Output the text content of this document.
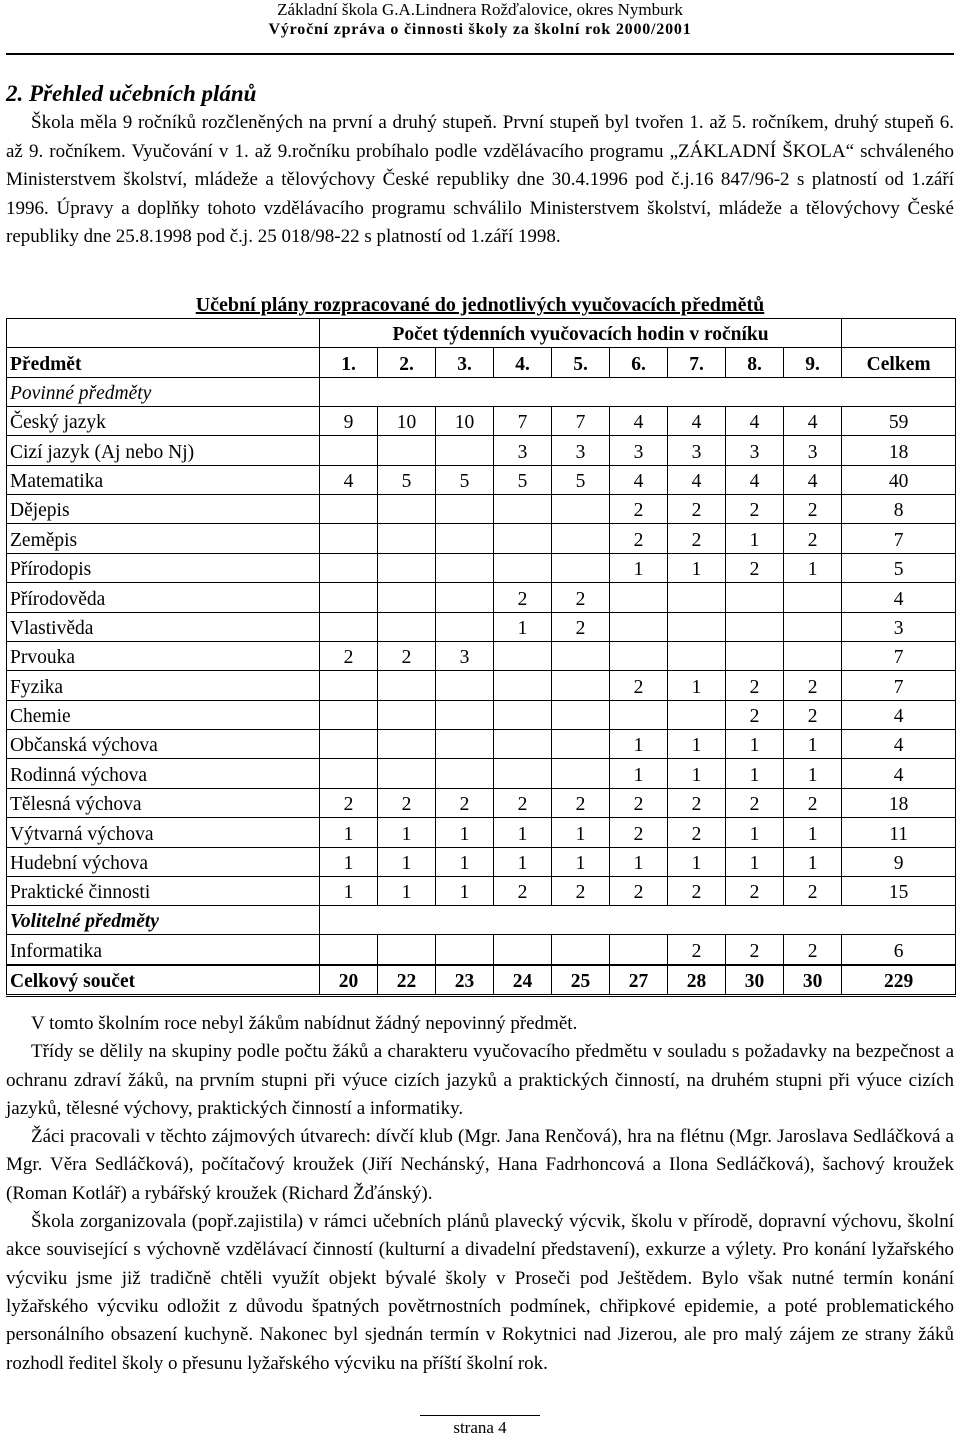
Základní škola G.A.Lindnera Rožďalovice, okres Nymburk
Výroční zpráva o činnosti školy za školní rok 2000/2001
2. Přehled učebních plánů

Škola měla 9 ročníků rozčleněných na první a druhý stupeň. První stupeň byl tvořen 1. až 5. ročníkem, druhý stupeň 6. až 9. ročníkem. Vyučování v 1. až 9.ročníku probíhalo podle vzdělávacího programu „ZÁKLADNÍ ŠKOLA“ schváleného Ministerstvem školství, mládeže a tělovýchovy České republiky dne 30.4.1996 pod č.j.16 847/96-2 s platností od 1.září 1996. Úpravy a doplňky tohoto vzdělávacího programu schválilo Ministerstvem školství, mládeže a tělovýchovy České republiky dne 25.8.1998 pod č.j. 25 018/98-22 s platností od 1.září 1998.

Učební plány rozpracované do jednotlivých vyučovacích předmětů
	Počet týdenních vyučovacích hodin v ročníku									
Předmět	1.	2.	3.	4.	5.	6.	7.	8.	9.	Celkem
Povinné předměty										
Český jazyk	9	10	10	7	7	4	4	4	4	59
Cizí jazyk (Aj nebo Nj)				3	3	3	3	3	3	18
Matematika	4	5	5	5	5	4	4	4	4	40
Dějepis						2	2	2	2	8
Zeměpis						2	2	1	2	7
Přírodopis						1	1	2	1	5
Přírodověda				2	2					4
Vlastivěda				1	2					3
Prvouka	2	2	3							7
Fyzika						2	1	2	2	7
Chemie								2	2	4
Občanská výchova						1	1	1	1	4
Rodinná výchova						1	1	1	1	4
Tělesná výchova	2	2	2	2	2	2	2	2	2	18
Výtvarná výchova	1	1	1	1	1	2	2	1	1	11
Hudební výchova	1	1	1	1	1	1	1	1	1	9
Praktické činnosti	1	1	1	2	2	2	2	2	2	15
Volitelné předměty										
Informatika							2	2	2	6
Celkový součet	20	22	23	24	25	27	28	30	30	229

V tomto školním roce nebyl žákům nabídnut žádný nepovinný předmět.

Třídy se dělily na skupiny podle počtu žáků a charakteru vyučovacího předmětu v souladu s požadavky na bezpečnost a ochranu zdraví žáků, na prvním stupni při výuce cizích jazyků a praktických činností, na druhém stupni při výuce cizích jazyků, tělesné výchovy, praktických činností a informatiky.

Žáci pracovali v těchto zájmových útvarech: dívčí klub (Mgr. Jana Renčová), hra na flétnu (Mgr. Jaroslava Sedláčková a Mgr. Věra Sedláčková), počítačový kroužek (Jiří Nechánský, Hana Fadrhoncová a Ilona Sedláčková), šachový kroužek (Roman Kotlář) a rybářský kroužek (Richard Žďánský).

Škola zorganizovala (popř.zajistila) v rámci učebních plánů plavecký výcvik, školu v přírodě, dopravní výchovu, školní akce související s výchovně vzdělávací činností (kulturní a divadelní představení), exkurze a výlety. Pro konání lyžařského výcviku jsme již tradičně chtěli využít objekt bývalé školy v Proseči pod Ještědem. Bylo však nutné termín konání lyžařského výcviku odložit z důvodu špatných povětrnostních podmínek, chřipkové epidemie, a poté problematického personálního obsazení kuchyně. Nakonec byl sjednán termín v Rokytnici nad Jizerou, ale pro malý zájem ze strany žáků rozhodl ředitel školy o přesunu lyžařského výcviku na příští školní rok.

strana 4
